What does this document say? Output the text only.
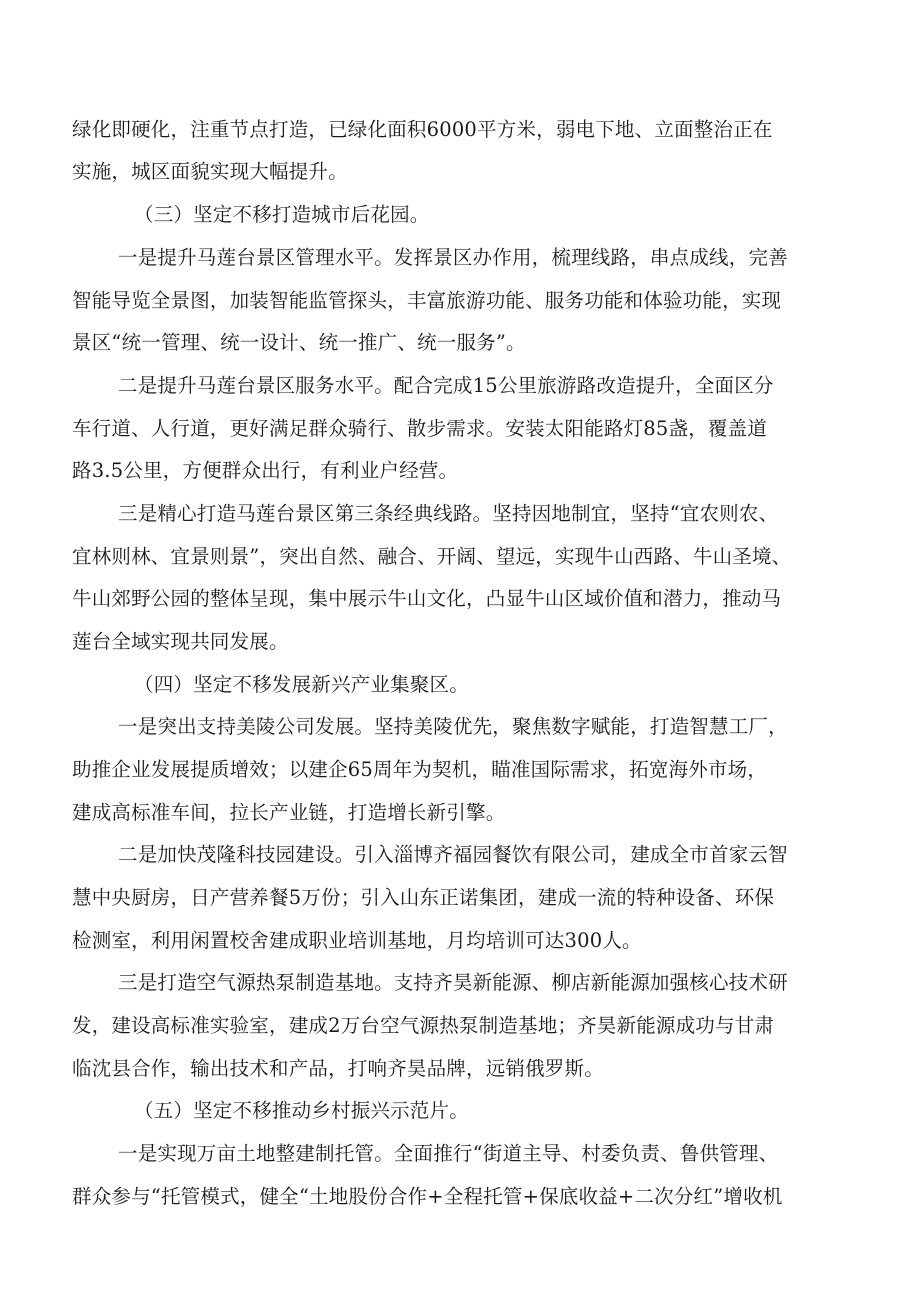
绿化即硬化，注重节点打造，已绿化面积6000平方米，弱电下地、立面整治正在
实施，城区面貌实现大幅提升。
（三）坚定不移打造城市后花园。
一是提升马莲台景区管理水平。发挥景区办作用，梳理线路，串点成线，完善
智能导览全景图，加装智能监管探头，丰富旅游功能、服务功能和体验功能，实现
景区“统一管理、统一设计、统一推广、统一服务”。
二是提升马莲台景区服务水平。配合完成15公里旅游路改造提升，全面区分
车行道、人行道，更好满足群众骑行、散步需求。安装太阳能路灯85盏，覆盖道
路3.5公里，方便群众出行，有利业户经营。
三是精心打造马莲台景区第三条经典线路。坚持因地制宜，坚持“宜农则农、
宜林则林、宜景则景”，突出自然、融合、开阔、望远，实现牛山西路、牛山圣境、
牛山郊野公园的整体呈现，集中展示牛山文化，凸显牛山区域价值和潜力，推动马
莲台全域实现共同发展。
（四）坚定不移发展新兴产业集聚区。
一是突出支持美陵公司发展。坚持美陵优先，聚焦数字赋能，打造智慧工厂，
助推企业发展提质增效；以建企65周年为契机，瞄准国际需求，拓宽海外市场，
建成高标准车间，拉长产业链，打造增长新引擎。
二是加快茂隆科技园建设。引入淄博齐福园餐饮有限公司，建成全市首家云智
慧中央厨房，日产营养餐5万份；引入山东正诺集团，建成一流的特种设备、环保
检测室，利用闲置校舍建成职业培训基地，月均培训可达300人。
三是打造空气源热泵制造基地。支持齐昊新能源、柳店新能源加强核心技术研
发，建设高标准实验室，建成2万台空气源热泵制造基地；齐昊新能源成功与甘肃
临沈县合作，输出技术和产品，打响齐昊品牌，远销俄罗斯。
（五）坚定不移推动乡村振兴示范片。
一是实现万亩土地整建制托管。全面推行“街道主导、村委负责、鲁供管理、
群众参与“托管模式，健全“土地股份合作+全程托管+保底收益+二次分红”增收机
